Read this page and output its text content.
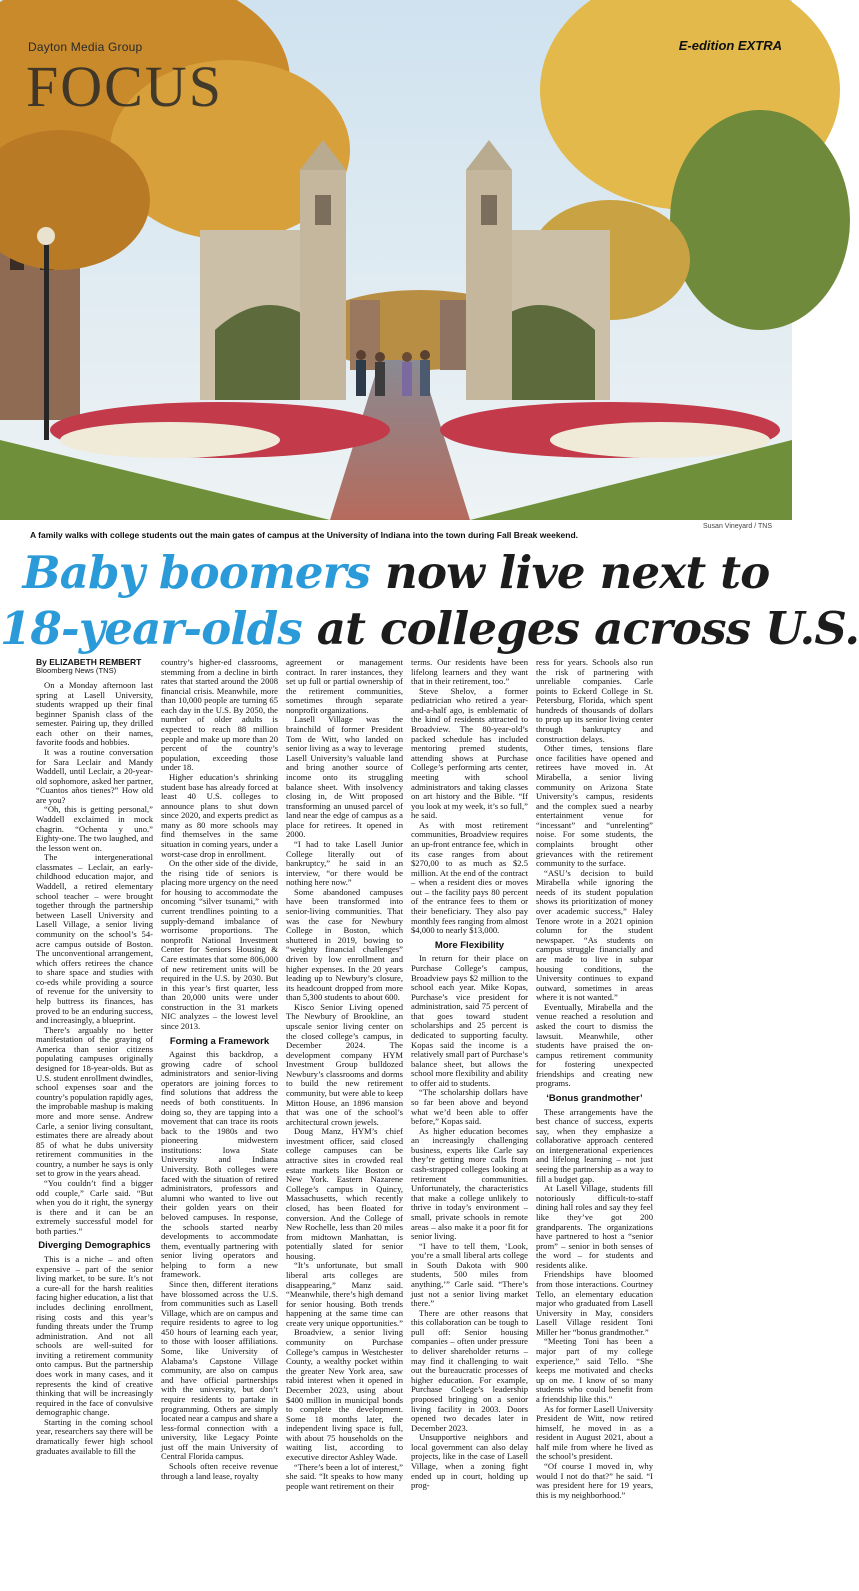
Dayton Media Group
FOCUS
E-edition EXTRA
Susan Vineyard / TNS
A family walks with college students out the main gates of campus at the University of Indiana into the town during Fall Break weekend.
Baby boomers now live next to
18-year-olds at colleges across U.S.
By ELIZABETH REMBERT
Bloomberg News (TNS)

On a Monday afternoon last spring at Lasell University, students wrapped up their final beginner Spanish class of the semester. Pairing up, they drilled each other on their names, favorite foods and hobbies.

It was a routine conversation for Sara Leclair and Mandy Waddell, until Leclair, a 20-year-old sophomore, asked her partner, “Cuantos años tienes?” How old are you?

“Oh, this is getting personal,” Waddell exclaimed in mock chagrin. “Ochenta y uno.” Eighty-one. The two laughed, and the lesson went on.

The intergenerational classmates – Leclair, an early-childhood education major, and Waddell, a retired elementary school teacher – were brought together through the partnership between Lasell University and Lasell Village, a senior living community on the school’s 54-acre campus outside of Boston. The unconventional arrangement, which offers retirees the chance to share space and studies with co-eds while providing a source of revenue for the university to help buttress its finances, has proved to be an enduring success, and increasingly, a blueprint.

There’s arguably no better manifestation of the graying of America than senior citizens populating campuses originally designed for 18-year-olds. But as U.S. student enrollment dwindles, school expenses soar and the country’s population rapidly ages, the improbable mashup is making more and more sense. Andrew Carle, a senior living consultant, estimates there are already about 85 of what he dubs university retirement communities in the country, a number he says is only set to grow in the years ahead.

“You couldn’t find a bigger odd couple,” Carle said. “But when you do it right, the synergy is there and it can be an extremely successful model for both parties.”

Diverging Demographics

This is a niche – and often expensive – part of the senior living market, to be sure. It’s not a cure-all for the harsh realities facing higher education, a list that includes declining enrollment, rising costs and this year’s funding threats under the Trump administration. And not all schools are well-suited for inviting a retirement community onto campus. But the partnership does work in many cases, and it represents the kind of creative thinking that will be increasingly required in the face of convulsive demographic change.

Starting in the coming school year, researchers say there will be dramatically fewer high school graduates available to fill the

country’s higher-ed classrooms, stemming from a decline in birth rates that started around the 2008 financial crisis. Meanwhile, more than 10,000 people are turning 65 each day in the U.S. By 2050, the number of older adults is expected to reach 88 million people and make up more than 20 percent of the country’s population, exceeding those under 18.

Higher education’s shrinking student base has already forced at least 40 U.S. colleges to announce plans to shut down since 2020, and experts predict as many as 80 more schools may find themselves in the same situation in coming years, under a worst-case drop in enrollment.

On the other side of the divide, the rising tide of seniors is placing more urgency on the need for housing to accommodate the oncoming “silver tsunami,” with current trendlines pointing to a supply-demand imbalance of worrisome proportions. The nonprofit National Investment Center for Seniors Housing & Care estimates that some 806,000 of new retirement units will be required in the U.S. by 2030. But in this year’s first quarter, less than 20,000 units were under construction in the 31 markets NIC analyzes – the lowest level since 2013.

Forming a Framework

Against this backdrop, a growing cadre of school administrators and senior-living operators are joining forces to find solutions that address the needs of both constituents. In doing so, they are tapping into a movement that can trace its roots back to the 1980s and two pioneering midwestern institutions: Iowa State University and Indiana University. Both colleges were faced with the situation of retired administrators, professors and alumni who wanted to live out their golden years on their beloved campuses. In response, the schools started nearby developments to accommodate them, eventually partnering with senior living operators and helping to form a new framework.

Since then, different iterations have blossomed across the U.S. from communities such as Lasell Village, which are on campus and require residents to agree to log 450 hours of learning each year, to those with looser affiliations. Some, like University of Alabama’s Capstone Village community, are also on campus and have official partnerships with the university, but don’t require residents to partake in programming. Others are simply located near a campus and share a less-formal connection with a university, like Legacy Pointe just off the main University of Central Florida campus.

Schools often receive revenue through a land lease, royalty

agreement or management contract. In rarer instances, they set up full or partial ownership of the retirement communities, sometimes through separate nonprofit organizations.

Lasell Village was the brainchild of former President Tom de Witt, who landed on senior living as a way to leverage Lasell University’s valuable land and bring another source of income onto its struggling balance sheet. With insolvency closing in, de Witt proposed transforming an unused parcel of land near the edge of campus as a place for retirees. It opened in 2000.

“I had to take Lasell Junior College literally out of bankruptcy,” he said in an interview, “or there would be nothing here now.”

Some abandoned campuses have been transformed into senior-living communities. That was the case for Newbury College in Boston, which shuttered in 2019, bowing to “weighty financial challenges” driven by low enrollment and higher expenses. In the 20 years leading up to Newbury’s closure, its headcount dropped from more than 5,300 students to about 600.

Kisco Senior Living opened The Newbury of Brookline, an upscale senior living center on the closed college’s campus, in December 2024. The development company HYM Investment Group bulldozed Newbury’s classrooms and dorms to build the new retirement community, but were able to keep Mitton House, an 1896 mansion that was one of the school’s architectural crown jewels.

Doug Manz, HYM’s chief investment officer, said closed college campuses can be attractive sites in crowded real estate markets like Boston or New York. Eastern Nazarene College’s campus in Quincy, Massachusetts, which recently closed, has been floated for conversion. And the College of New Rochelle, less than 20 miles from midtown Manhattan, is potentially slated for senior housing.

“It’s unfortunate, but small liberal arts colleges are disappearing,” Manz said. “Meanwhile, there’s high demand for senior housing. Both trends happening at the same time can create very unique opportunities.”

Broadview, a senior living community on Purchase College’s campus in Westchester County, a wealthy pocket within the greater New York area, saw rabid interest when it opened in December 2023, using about $400 million in municipal bonds to complete the development. Some 18 months later, the independent living space is full, with about 75 households on the waiting list, according to executive director Ashley Wade.

“There’s been a lot of interest,” she said. “It speaks to how many people want retirement on their

terms. Our residents have been lifelong learners and they want that in their retirement, too.”

Steve Shelov, a former pediatrician who retired a year-and-a-half ago, is emblematic of the kind of residents attracted to Broadview. The 80-year-old’s packed schedule has included mentoring premed students, attending shows at Purchase College’s performing arts center, meeting with school administrators and taking classes on art history and the Bible. “If you look at my week, it’s so full,” he said.

As with most retirement communities, Broadview requires an up-front entrance fee, which in its case ranges from about $270,00 to as much as $2.5 million. At the end of the contract – when a resident dies or moves out – the facility pays 80 percent of the entrance fees to them or their beneficiary. They also pay monthly fees ranging from almost $4,000 to nearly $13,000.

More Flexibility

In return for their place on Purchase College’s campus, Broadview pays $2 million to the school each year. Mike Kopas, Purchase’s vice president for administration, said 75 percent of that goes toward student scholarships and 25 percent is dedicated to supporting faculty. Kopas said the income is a relatively small part of Purchase’s balance sheet, but allows the school more flexibility and ability to offer aid to students.

“The scholarship dollars have so far been above and beyond what we’d been able to offer before,” Kopas said.

As higher education becomes an increasingly challenging business, experts like Carle say they’re getting more calls from cash-strapped colleges looking at retirement communities. Unfortunately, the characteristics that make a college unlikely to thrive in today’s environment – small, private schools in remote areas – also make it a poor fit for senior living.

“I have to tell them, ‘Look, you’re a small liberal arts college in South Dakota with 900 students, 500 miles from anything,’” Carle said. “There’s just not a senior living market there.”

There are other reasons that this collaboration can be tough to pull off: Senior housing companies – often under pressure to deliver shareholder returns – may find it challenging to wait out the bureaucratic processes of higher education. For example, Purchase College’s leadership proposed bringing on a senior living facility in 2003. Doors opened two decades later in December 2023.

Unsupportive neighbors and local government can also delay projects, like in the case of Lasell Village, when a zoning fight ended up in court, holding up prog-

ress for years. Schools also run the risk of partnering with unreliable companies. Carle points to Eckerd College in St. Petersburg, Florida, which spent hundreds of thousands of dollars to prop up its senior living center through bankruptcy and construction delays.

Other times, tensions flare once facilities have opened and retirees have moved in. At Mirabella, a senior living community on Arizona State University’s campus, residents and the complex sued a nearby entertainment venue for “incessant” and “unrelenting” noise. For some students, the complaints brought other grievances with the retirement community to the surface.

“ASU’s decision to build Mirabella while ignoring the needs of its student population shows its prioritization of money over academic success,” Haley Tenore wrote in a 2021 opinion column for the student newspaper. “As students on campus struggle financially and are made to live in subpar housing conditions, the University continues to expand outward, sometimes in areas where it is not wanted.”

Eventually, Mirabella and the venue reached a resolution and asked the court to dismiss the lawsuit. Meanwhile, other students have praised the on-campus retirement community for fostering unexpected friendships and creating new programs.

‘Bonus grandmother’

These arrangements have the best chance of success, experts say, when they emphasize a collaborative approach centered on intergenerational experiences and lifelong learning – not just seeing the partnership as a way to fill a budget gap.

At Lasell Village, students fill notoriously difficult-to-staff dining hall roles and say they feel like they’ve got 200 grandparents. The organizations have partnered to host a “senior prom” – senior in both senses of the word – for students and residents alike.

Friendships have bloomed from those interactions. Courtney Tello, an elementary education major who graduated from Lasell University in May, considers Lasell Village resident Toni Miller her “bonus grandmother.”

“Meeting Toni has been a major part of my college experience,” said Tello. “She keeps me motivated and checks up on me. I know of so many students who could benefit from a friendship like this.”

As for former Lasell University President de Witt, now retired himself, he moved in as a resident in August 2021, about a half mile from where he lived as the school’s president.

“Of course I moved in, why would I not do that?” he said. “I was president here for 19 years, this is my neighborhood.”
